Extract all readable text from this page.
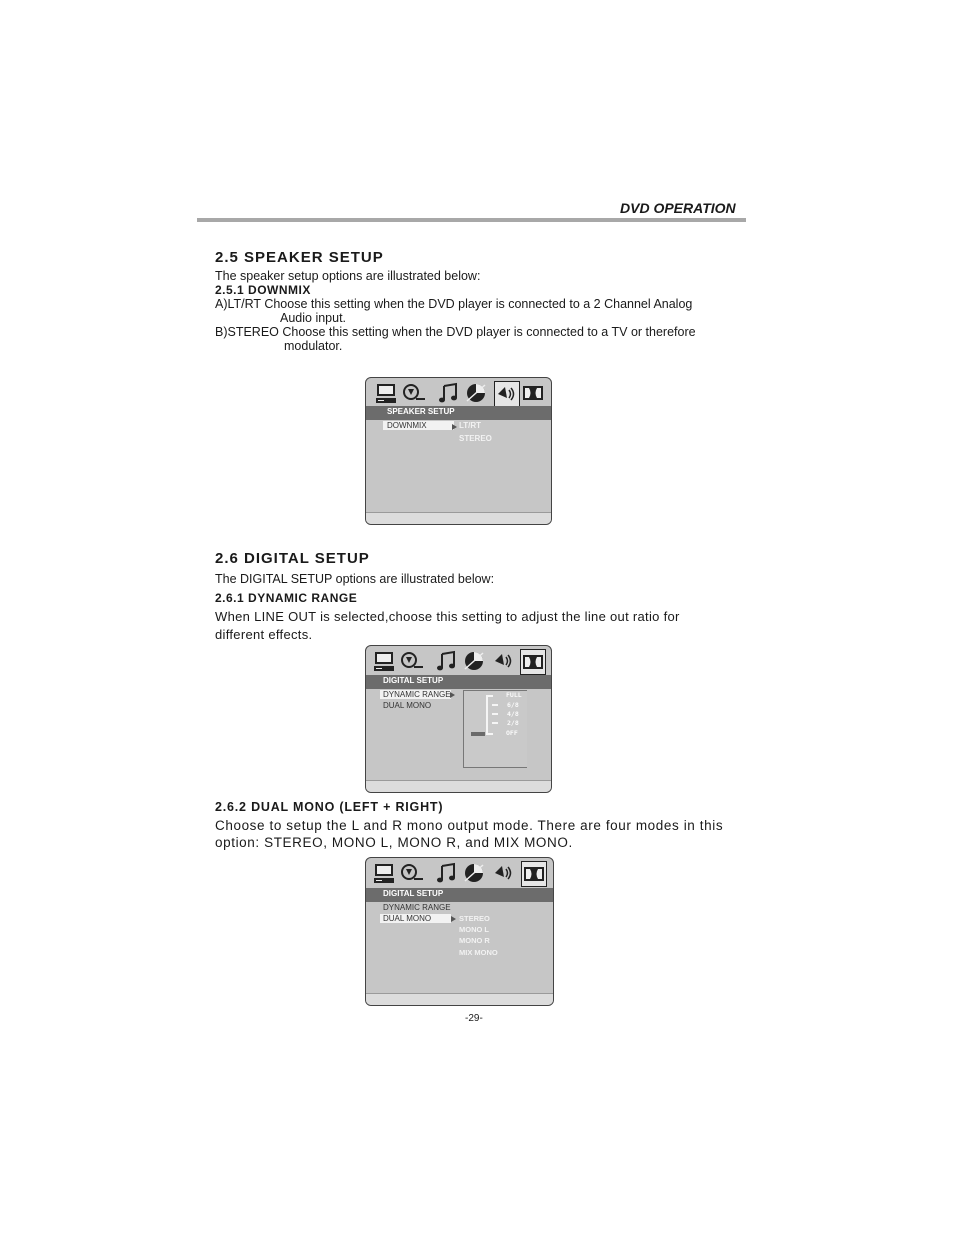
DVD OPERATION
2.5 SPEAKER SETUP
The speaker setup options are illustrated below:
2.5.1 DOWNMIX
A)LT/RT Choose this setting when the DVD player is connected to a 2 Channel Analog
Audio input.
B)STEREO Choose this setting when the DVD player is connected to a TV or therefore
modulator.
SPEAKER SETUP
DOWNMIX	LT/RT
STEREO
2.6 DIGITAL SETUP
The DIGITAL SETUP options are illustrated below:
2.6.1 DYNAMIC RANGE
When LINE OUT is selected,choose this setting to adjust the line out ratio for
different effects.
DIGITAL SETUP
DYNAMIC RANGE
DUAL MONO
FULL
6/8
4/8
2/8
OFF
2.6.2 DUAL MONO (LEFT + RIGHT)
Choose to setup the L and R mono output mode. There are four modes in this
option: STEREO, MONO L, MONO R, and MIX MONO.
DIGITAL SETUP
DYNAMIC RANGE
DUAL MONO	STEREO
MONO L
MONO R
MIX MONO
-29-
